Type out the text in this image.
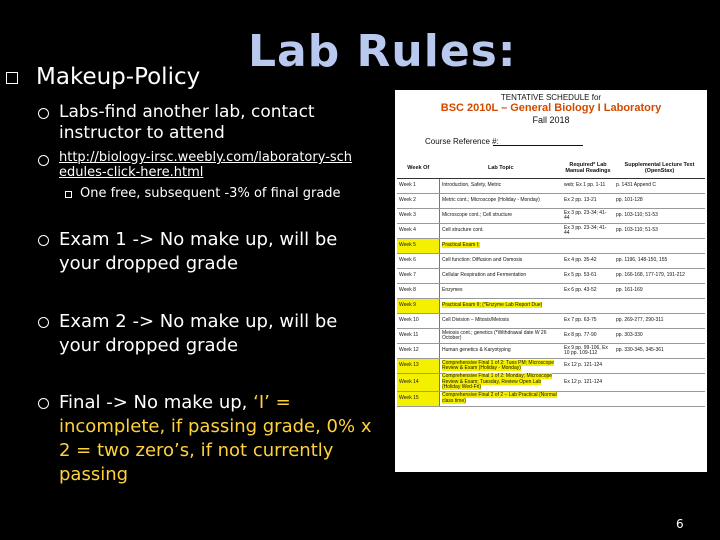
Lab Rules:
Makeup-Policy
Labs-find another lab, contact instructor to attend
http://biology-irsc.weebly.com/laboratory-schedules-click-here.html
One free, subsequent -3% of final grade
Exam 1 -> No make up, will be your dropped grade
Exam 2 -> No make up, will be your dropped grade
Final -> No make up, ‘I’ = incomplete, if passing grade, 0% x 2 = two zero’s, if not currently passing
TENTATIVE SCHEDULE for
BSC 2010L – General Biology I Laboratory
Fall 2018
Course Reference #:
Week Of	Lab Topic	Required* Lab Manual Readings	Supplemental Lecture Text (OpenStax)
Week 1	Introduction, Safety, Metric	web; Ex 1 pp. 1-11	p. 1431 Append C
Week 2	Metric cont.; Microscope (Holiday - Monday)	Ex 2 pp. 13-21	pp. 101-128
Week 3	Microscope cont.; Cell structure	Ex 3 pp. 23-34; 41-44	pp. 103-110; 51-53
Week 4	Cell structure cont.	Ex 3 pp. 23-34; 41-44	pp. 103-110; 51-53
Week 5	Practical Exam I;		
Week 6	Cell function: Diffusion and Osmosis	Ex 4 pp. 35-42	pp. 1196, 148-150, 155
Week 7	Cellular Respiration and Fermentation	Ex 5 pp. 53-61	pp. 166-168, 177-179, 191-212
Week 8	Enzymes	Ex 6 pp. 43-52	pp. 161-169
Week 9	Practical Exam II; (*Enzyme Lab Report Due)		
Week 10	Cell Division – Mitosis/Meiosis	Ex 7 pp. 63-75	pp. 269-277, 290-311
Week 11	Meiosis cont.; genetics (*Withdrawal date W 26 October)	Ex 8 pp. 77-90	pp. 303-330
Week 12	Human genetics & Karyotyping	Ex 9 pp. 99-106, Ex 10 pp. 109-112	pp. 330-345, 345-361
Week 13	Comprehensive Final 1 of 2: Tues PM; Microscope Review & Exam (Holiday - Monday)	Ex 12 p. 121-124	
Week 14	Comprehensive Final 1 of 2: Monday; Microscope Review & Exam; Tuesday, Review Open Lab (Holiday Wed-Fri)	Ex 12 p. 121-124	
Week 15	Comprehensive Final 2 of 2 – Lab Practical (Normal class time)		
6
